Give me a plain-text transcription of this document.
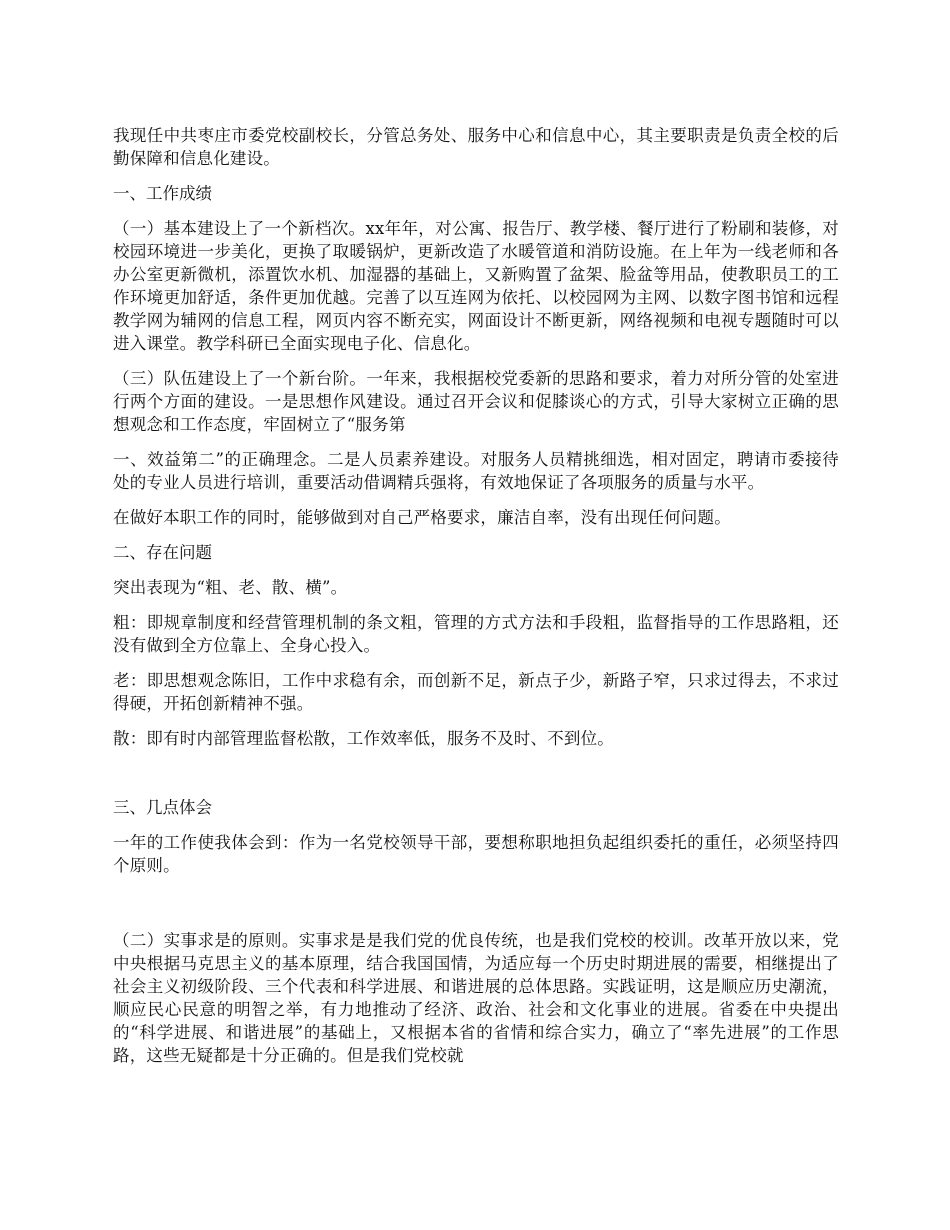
我现任中共枣庄市委党校副校长，分管总务处、服务中心和信息中心，其主要职责是负责全校的后勤保障和信息化建设。

一、工作成绩

（一）基本建设上了一个新档次。xx年年，对公寓、报告厅、教学楼、餐厅进行了粉刷和装修，对校园环境进一步美化，更换了取暖锅炉，更新改造了水暖管道和消防设施。在上年为一线老师和各办公室更新微机，添置饮水机、加湿器的基础上，又新购置了盆架、脸盆等用品，使教职员工的工作环境更加舒适，条件更加优越。完善了以互连网为依托、以校园网为主网、以数字图书馆和远程教学网为辅网的信息工程，网页内容不断充实，网面设计不断更新，网络视频和电视专题随时可以进入课堂。教学科研已全面实现电子化、信息化。

（三）队伍建设上了一个新台阶。一年来，我根据校党委新的思路和要求，着力对所分管的处室进行两个方面的建设。一是思想作风建设。通过召开会议和促膝谈心的方式，引导大家树立正确的思想观念和工作态度，牢固树立了“服务第

一、效益第二”的正确理念。二是人员素养建设。对服务人员精挑细选，相对固定，聘请市委接待处的专业人员进行培训，重要活动借调精兵强将，有效地保证了各项服务的质量与水平。

在做好本职工作的同时，能够做到对自己严格要求，廉洁自率，没有出现任何问题。

二、存在问题

突出表现为“粗、老、散、横”。

粗：即规章制度和经营管理机制的条文粗，管理的方式方法和手段粗，监督指导的工作思路粗，还没有做到全方位靠上、全身心投入。

老：即思想观念陈旧，工作中求稳有余，而创新不足，新点子少，新路子窄，只求过得去，不求过得硬，开拓创新精神不强。

散：即有时内部管理监督松散，工作效率低，服务不及时、不到位。

三、几点体会

一年的工作使我体会到：作为一名党校领导干部，要想称职地担负起组织委托的重任，必须坚持四个原则。

（二）实事求是的原则。实事求是是我们党的优良传统，也是我们党校的校训。改革开放以来，党中央根据马克思主义的基本原理，结合我国国情，为适应每一个历史时期进展的需要，相继提出了社会主义初级阶段、三个代表和科学进展、和谐进展的总体思路。实践证明，这是顺应历史潮流，顺应民心民意的明智之举，有力地推动了经济、政治、社会和文化事业的进展。省委在中央提出的“科学进展、和谐进展”的基础上，又根据本省的省情和综合实力，确立了“率先进展”的工作思路，这些无疑都是十分正确的。但是我们党校就
